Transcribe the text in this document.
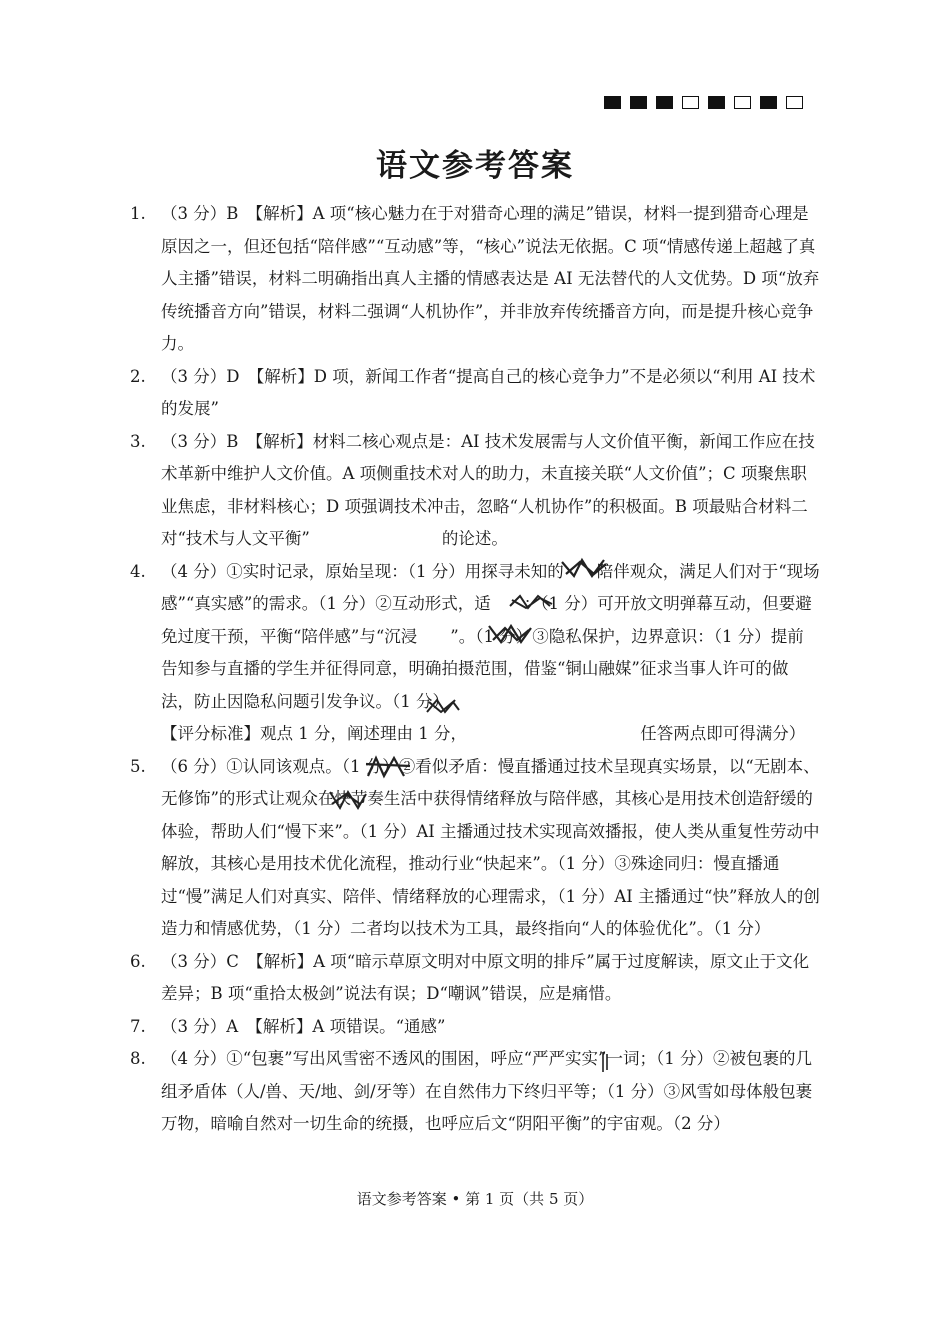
语文参考答案
1. （3 分）B　【解析】A 项“核心魅力在于对猎奇心理的满足”错误，材料一提到猎奇心理是原因之一，但还包括“陪伴感”“互动感”等，“核心”说法无依据。C 项“情感传递上超越了真人主播”错误，材料二明确指出真人主播的情感表达是 AI 无法替代的人文优势。D 项“放弃传统播音方向”错误，材料二强调“人机协作”，并非放弃传统播音方向，而是提升核心竞争力。
2. （3 分）D　【解析】D 项，新闻工作者“提高自己的核心竞争力”不是必须以“利用 AI 技术的发展”
3. （3 分）B　【解析】材料二核心观点是：AI 技术发展需与人文价值平衡，新闻工作应在技术革新中维护人文价值。A 项侧重技术对人的助力，未直接关联“人文价值”；C 项聚焦职业焦虑，非材料核心；D 项强调技术冲击，忽略“人机协作”的积极面。B 项最贴合材料二对“技术与人文平衡”　　　　　　　　的论述。
4. （4 分）①实时记录，原始呈现：（1 分）用探寻未知的　　陪伴观众，满足人们对于“现场感”“真实感”的需求。（1 分）②互动形式，适　　：（1 分）可开放文明弹幕互动，但要避免过度干预，平衡“陪伴感”与“沉浸　　”。（1 分）③隐私保护，边界意识：（1 分）提前告知参与直播的学生并征得同意，明确拍摄范围，借鉴“铜山融媒”征求当事人许可的做法，防止因隐私问题引发争议。（1 分）
【评分标准】观点 1 分，阐述理由 1 分，　　　　　　　　　　　任答两点即可得满分）
5. （6 分）①认同该观点。（1 分）②看似矛盾：慢直播通过技术呈现真实场景，以“无剧本、无修饰”的形式让观众在快节奏生活中获得情绪释放与陪伴感，其核心是用技术创造舒缓的体验，帮助人们“慢下来”。（1 分）AI 主播通过技术实现高效播报，使人类从重复性劳动中解放，其核心是用技术优化流程，推动行业“快起来”。（1 分）③殊途同归：慢直播通过“慢”满足人们对真实、陪伴、情绪释放的心理需求，（1 分）AI 主播通过“快”释放人的创造力和情感优势，（1 分）二者均以技术为工具，最终指向“人的体验优化”。（1 分）
6. （3 分）C　【解析】A 项“暗示草原文明对中原文明的排斥”属于过度解读，原文止于文化差异；B 项“重拾太极剑”说法有误；D“嘲讽”错误，应是痛惜。
7. （3 分）A　【解析】A 项错误。“通感”
8. （4 分）①“包裹”写出风雪密不透风的围困，呼应“严严实实”一词；（1 分）②被包裹的几组矛盾体（人/兽、天/地、剑/牙等）在自然伟力下终归平等；（1 分）③风雪如母体般包裹万物，暗喻自然对一切生命的统摄，也呼应后文“阴阳平衡”的宇宙观。（2 分）
语文参考答案 • 第 1 页（共 5 页）
